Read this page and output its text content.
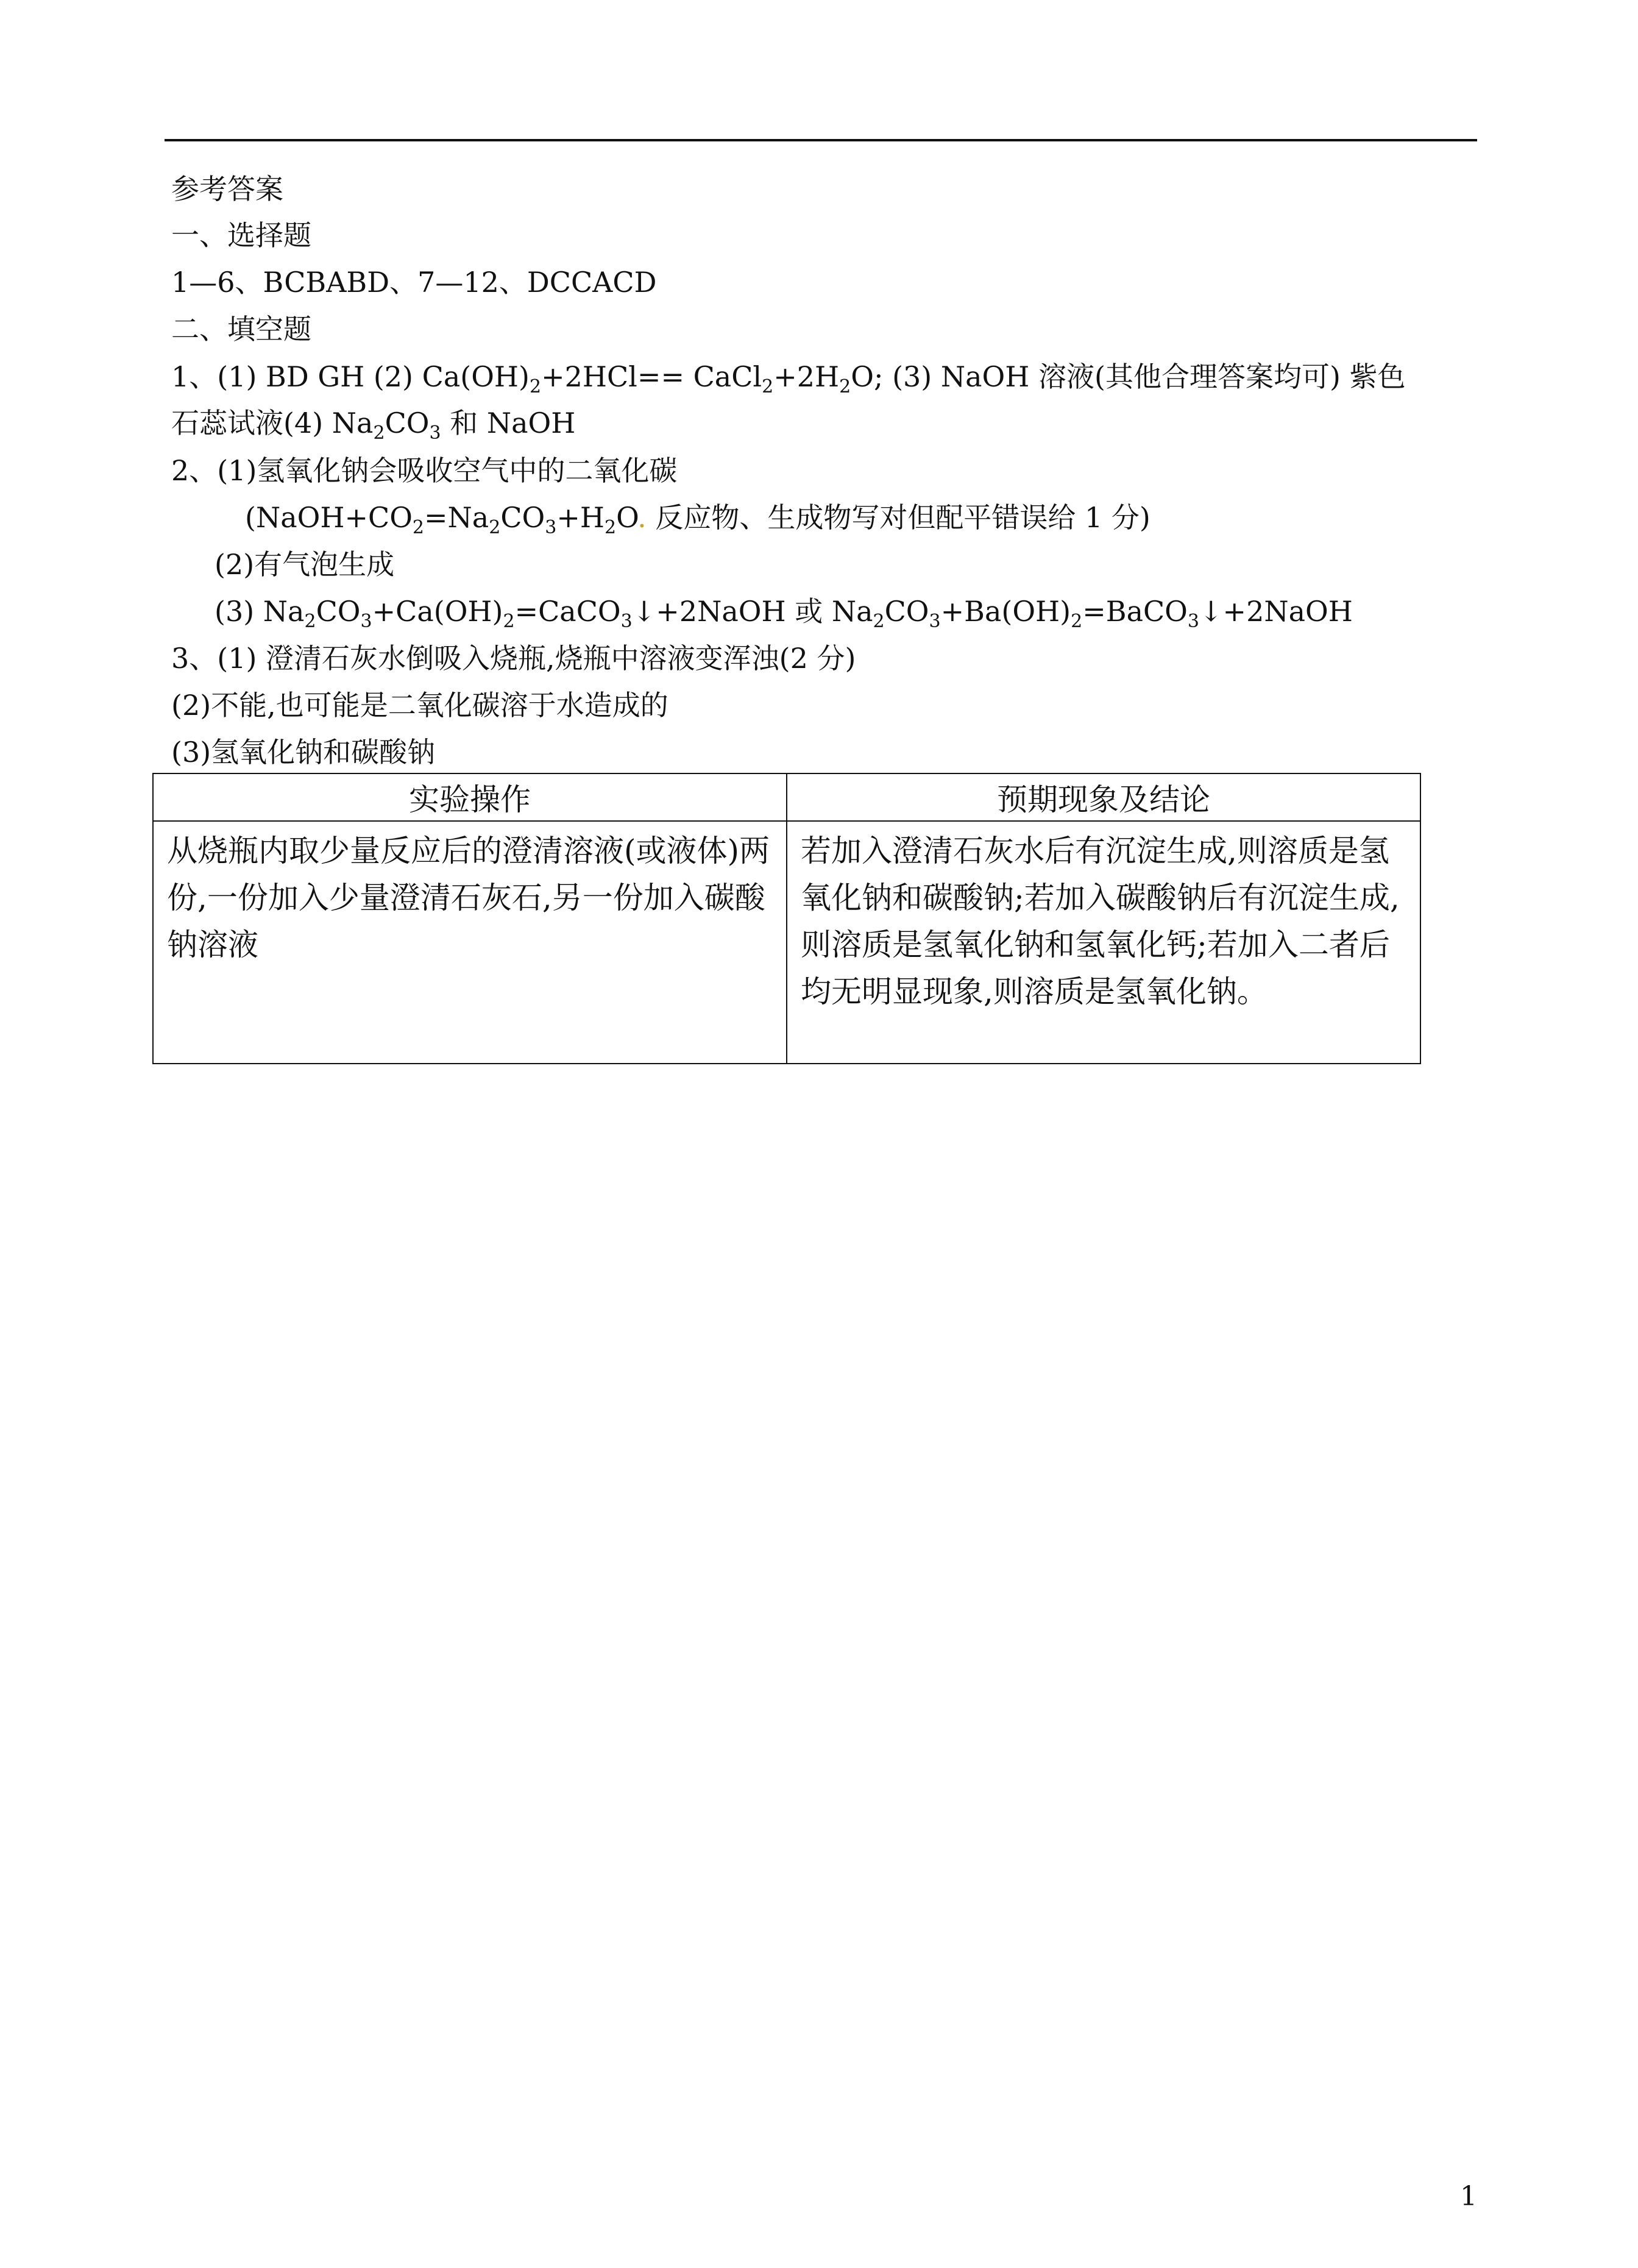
参考答案
一、选择题
1—6、BCBABD、7—12、DCCACD
二、填空题
1、(1) BD GH (2) $Ca(OH)_2+2HCl==$ $CaCl_2+2H_2O$; (3) NaOH 溶液(其他合理答案均可) 紫色
石蕊试液(4) $Na_2CO_3$ 和 NaOH
2、(1)氢氧化钠会吸收空气中的二氧化碳
($NaOH+CO_2=Na_2CO_3+H_2O$. 反应物、生成物写对但配平错误给 1 分)
(2)有气泡生成
(3) $Na_2CO_3+Ca(OH)_2=CaCO_3↓+2NaOH$ 或 $Na_2CO_3+Ba(OH)_2=BaCO_3↓+2NaOH$
3、(1) 澄清石灰水倒吸入烧瓶,烧瓶中溶液变浑浊(2 分)
(2)不能,也可能是二氧化碳溶于水造成的
(3)氢氧化钠和碳酸钠
实验操作	预期现象及结论
从烧瓶内取少量反应后的澄清溶液(或液体)两份,一份加入少量澄清石灰石,另一份加入碳酸钠溶液	若加入澄清石灰水后有沉淀生成,则溶质是氢氧化钠和碳酸钠;若加入碳酸钠后有沉淀生成,则溶质是氢氧化钠和氢氧化钙;若加入二者后均无明显现象,则溶质是氢氧化钠。
1
